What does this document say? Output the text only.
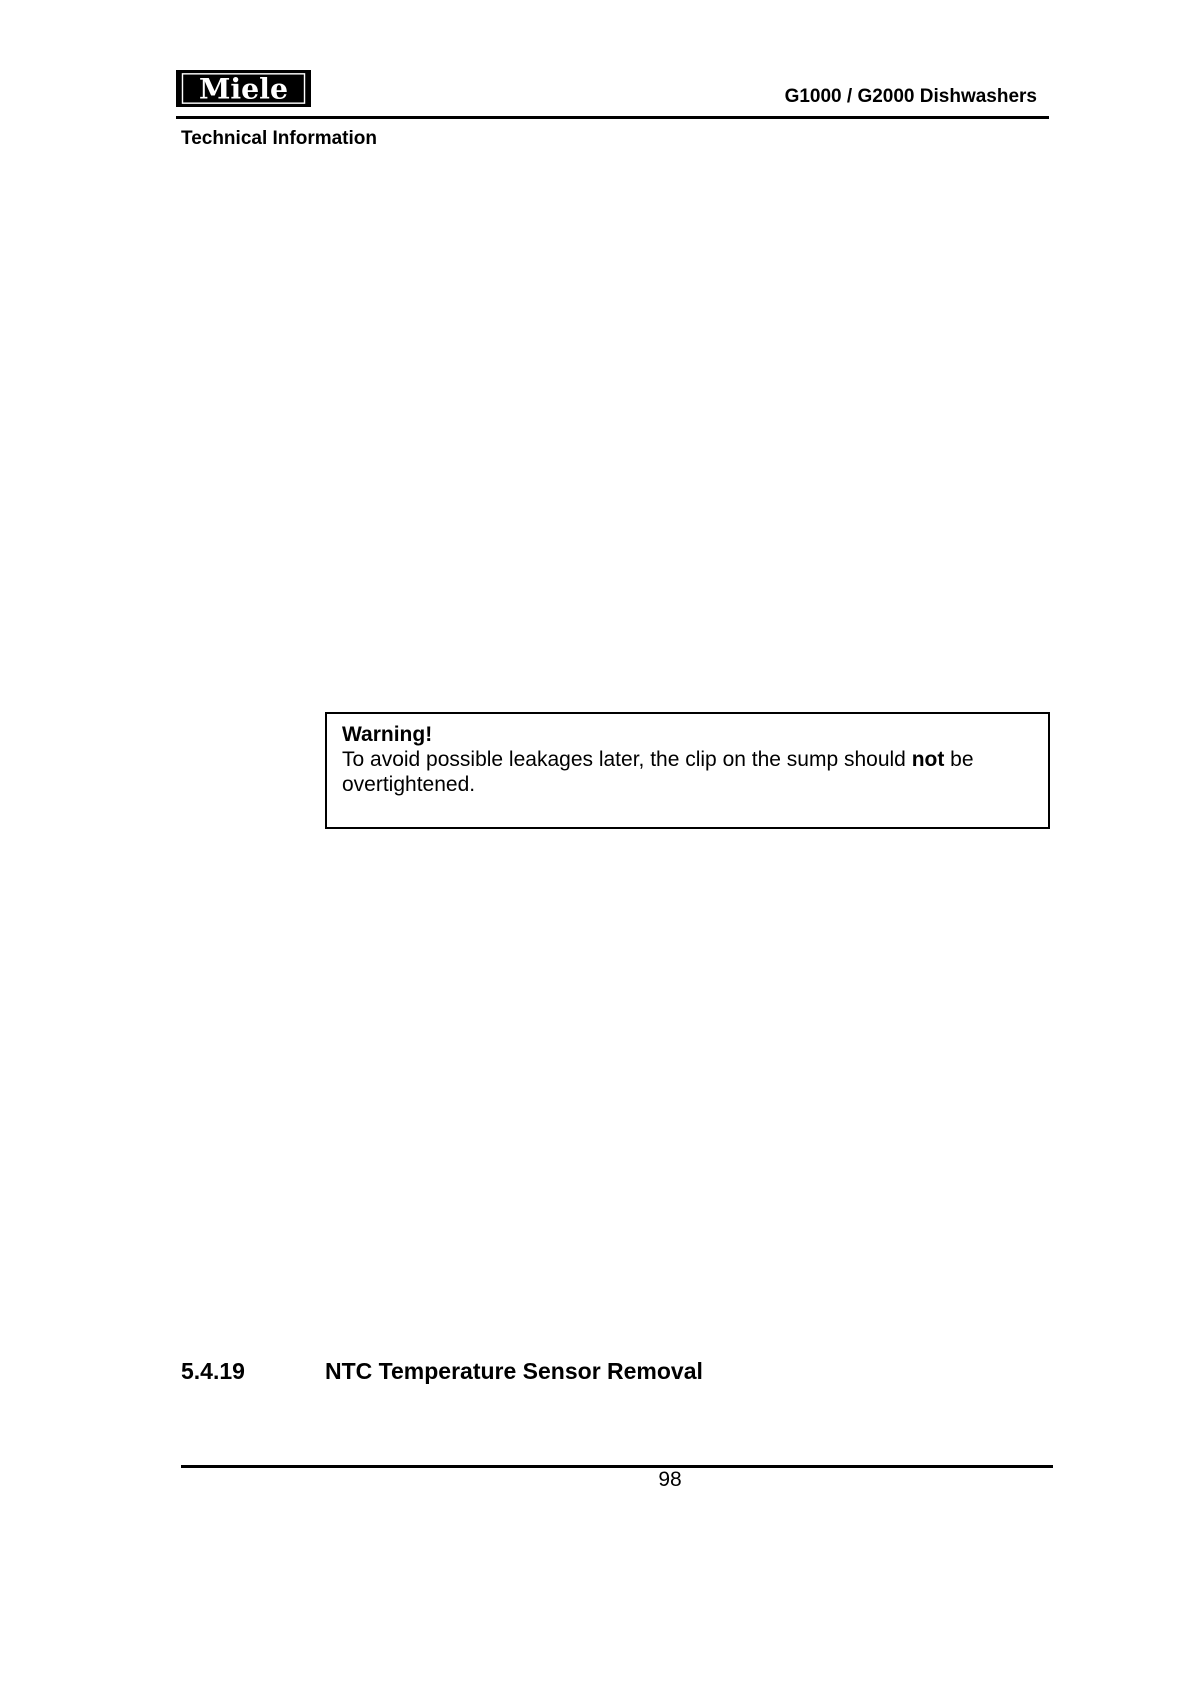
Miele	G1000 / G2000 Dishwashers
Technical Information
Warning!
To avoid possible leakages later, the clip on the sump should not be overtightened.
5.4.19	NTC Temperature Sensor Removal
98
